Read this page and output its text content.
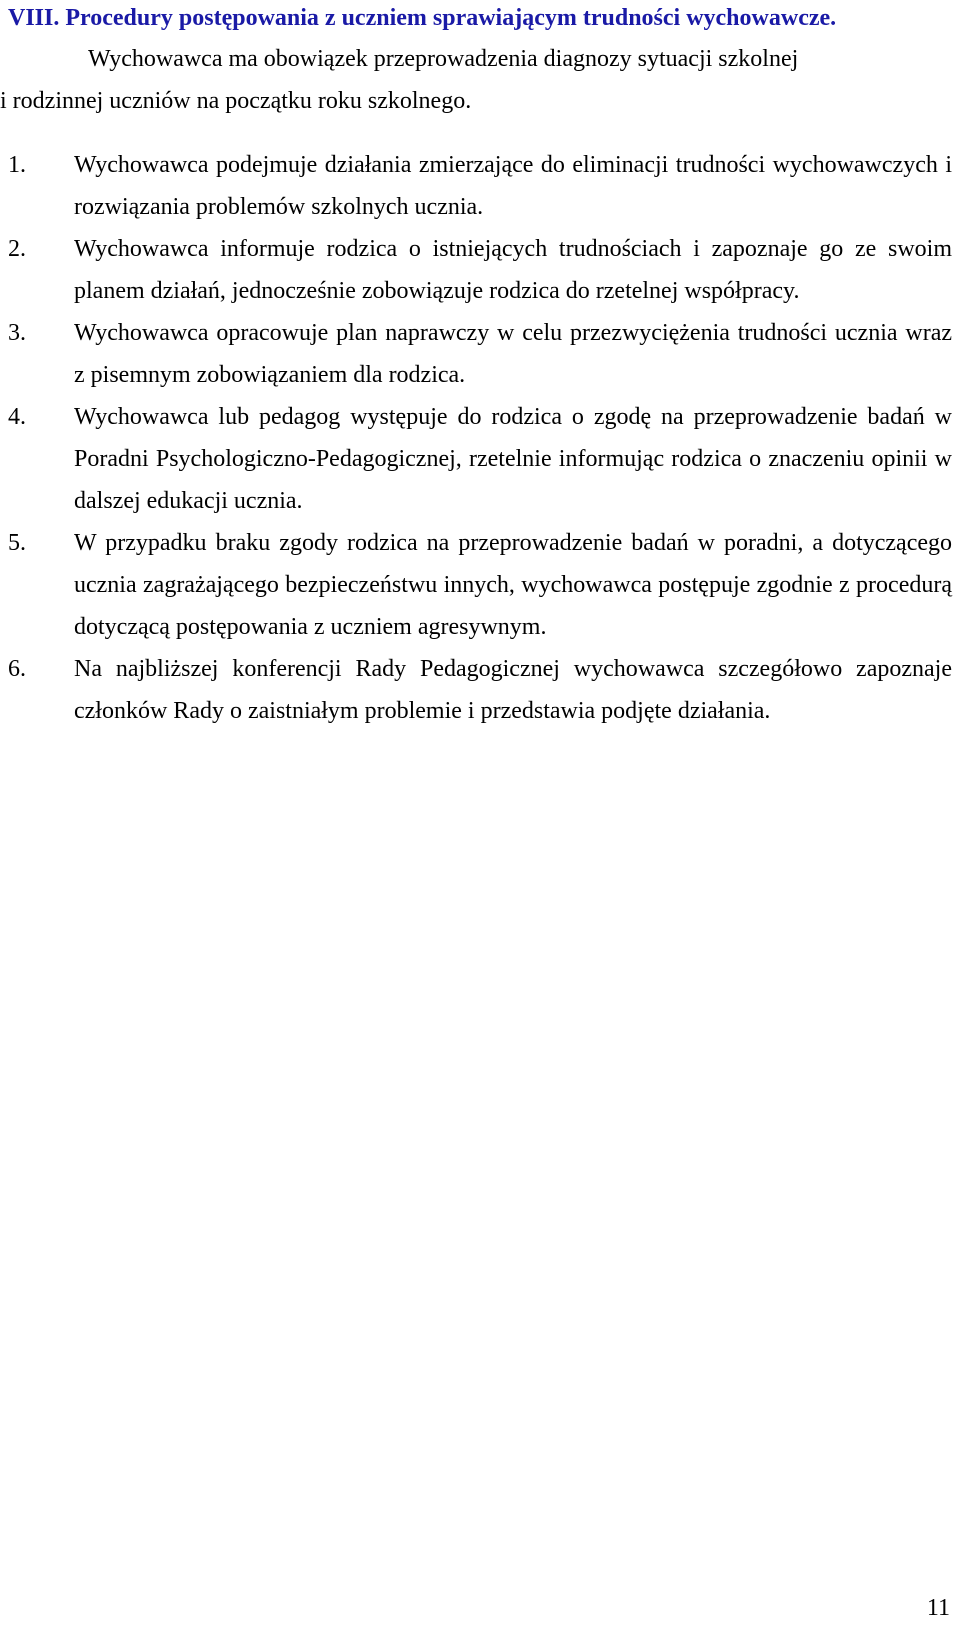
VIII. Procedury postępowania z uczniem sprawiającym trudności wychowawcze.
Wychowawca ma obowiązek przeprowadzenia diagnozy sytuacji szkolnej
i rodzinnej uczniów na początku roku szkolnego.
1.	Wychowawca podejmuje działania zmierzające do eliminacji trudności wychowawczych i rozwiązania problemów szkolnych ucznia.
2.	Wychowawca informuje rodzica o istniejących trudnościach i zapoznaje go ze swoim planem działań, jednocześnie zobowiązuje rodzica do rzetelnej współpracy.
3.	Wychowawca opracowuje plan naprawczy w celu przezwyciężenia trudności ucznia wraz z pisemnym zobowiązaniem dla rodzica.
4.	Wychowawca lub pedagog występuje do rodzica o zgodę na przeprowadzenie badań w Poradni Psychologiczno-Pedagogicznej, rzetelnie informując rodzica o znaczeniu opinii w dalszej edukacji ucznia.
5.	W przypadku braku zgody rodzica na przeprowadzenie badań w poradni, a dotyczącego ucznia zagrażającego bezpieczeństwu innych, wychowawca postępuje zgodnie z procedurą dotyczącą postępowania z uczniem agresywnym.
6.	Na najbliższej konferencji Rady Pedagogicznej wychowawca szczegółowo zapoznaje członków Rady o zaistniałym problemie i przedstawia podjęte działania.
11
